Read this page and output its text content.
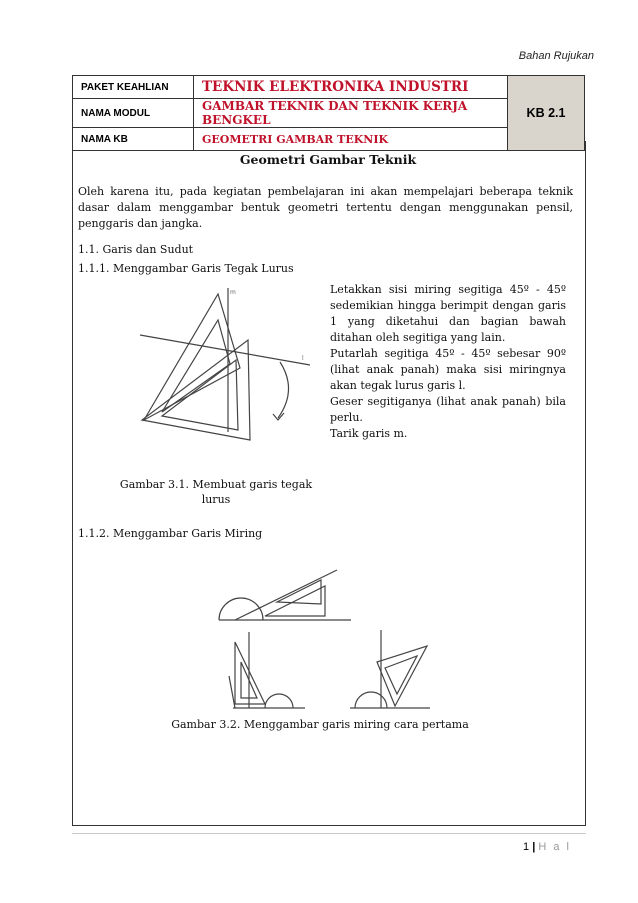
Bahan Rujukan
PAKET KEAHLIAN	TEKNIK ELEKTRONIKA INDUSTRI	KB 2.1
NAMA MODUL	GAMBAR TEKNIK DAN TEKNIK KERJA BENGKEL	
NAMA KB	GEOMETRI GAMBAR TEKNIK	
Geometri Gambar Teknik
Oleh karena itu, pada kegiatan pembelajaran ini akan mempelajari beberapa teknik dasar dalam menggambar bentuk geometri tertentu dengan menggunakan pensil, penggaris dan jangka.
1.1. Garis dan Sudut
1.1.1. Menggambar Garis Tegak Lurus
Letakkan sisi miring segitiga 45º - 45º sedemikian hingga berimpit dengan garis 1 yang diketahui dan bagian bawah ditahan oleh segitiga yang lain.
Putarlah segitiga 45º - 45º sebesar 90º (lihat anak panah) maka sisi miringnya akan tegak lurus garis l.
Geser segitiganya (lihat anak panah) bila perlu.
Tarik garis m.
m
l
Gambar 3.1. Membuat garis tegak lurus
1.1.2. Menggambar Garis Miring
Gambar 3.2. Menggambar garis miring cara pertama
1 | H a l
